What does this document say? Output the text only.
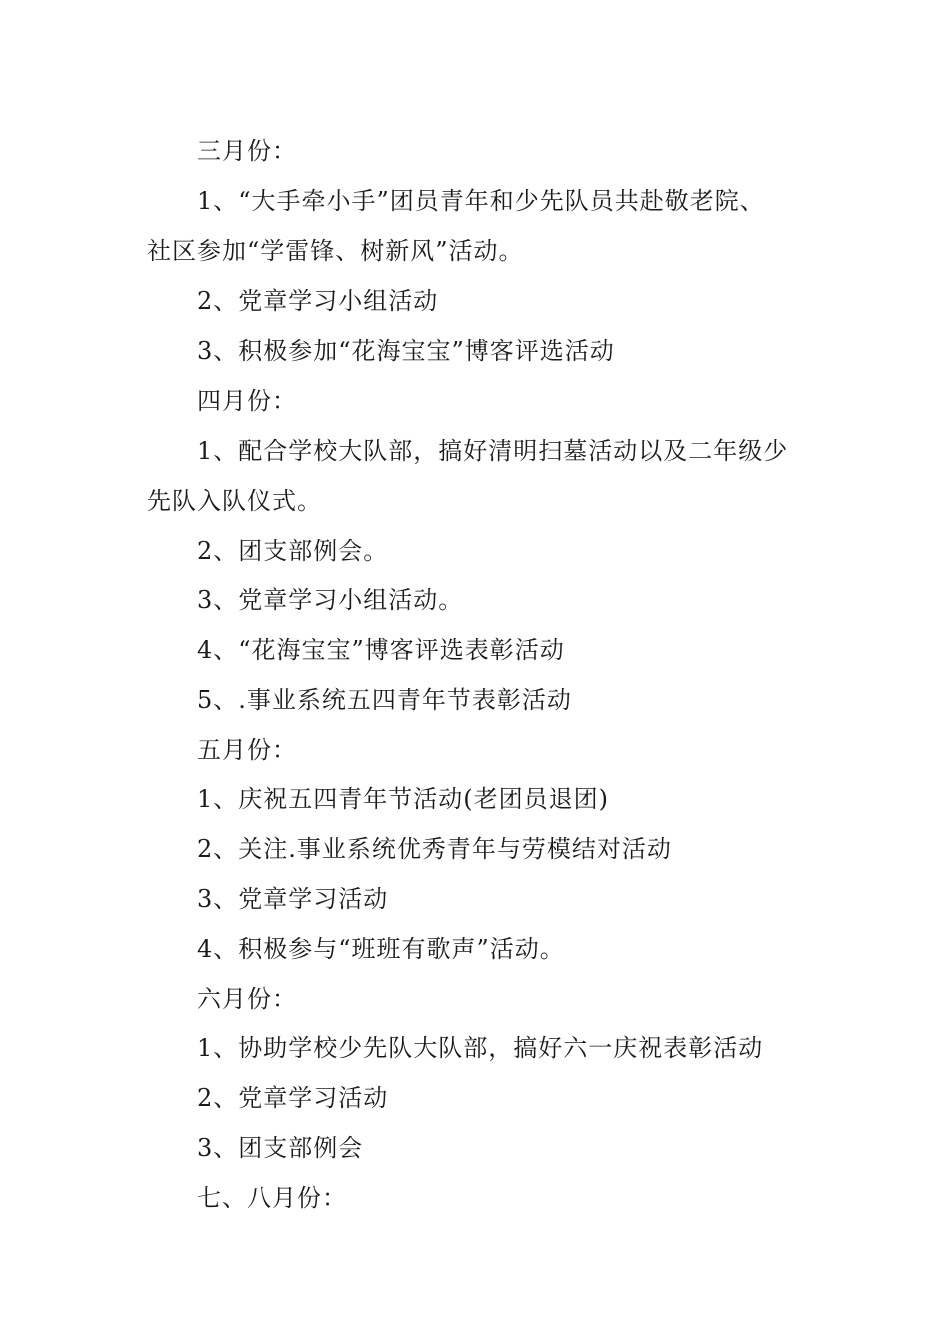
三月份：
1、“大手牵小手”团员青年和少先队员共赴敬老院、
社区参加“学雷锋、树新风”活动。
2、党章学习小组活动
3、积极参加“花海宝宝”博客评选活动
四月份：
1、配合学校大队部，搞好清明扫墓活动以及二年级少
先队入队仪式。
2、团支部例会。
3、党章学习小组活动。
4、“花海宝宝”博客评选表彰活动
5、.事业系统五四青年节表彰活动
五月份：
1、庆祝五四青年节活动(老团员退团)
2、关注.事业系统优秀青年与劳模结对活动
3、党章学习活动
4、积极参与“班班有歌声”活动。
六月份：
1、协助学校少先队大队部，搞好六一庆祝表彰活动
2、党章学习活动
3、团支部例会
七、八月份：
